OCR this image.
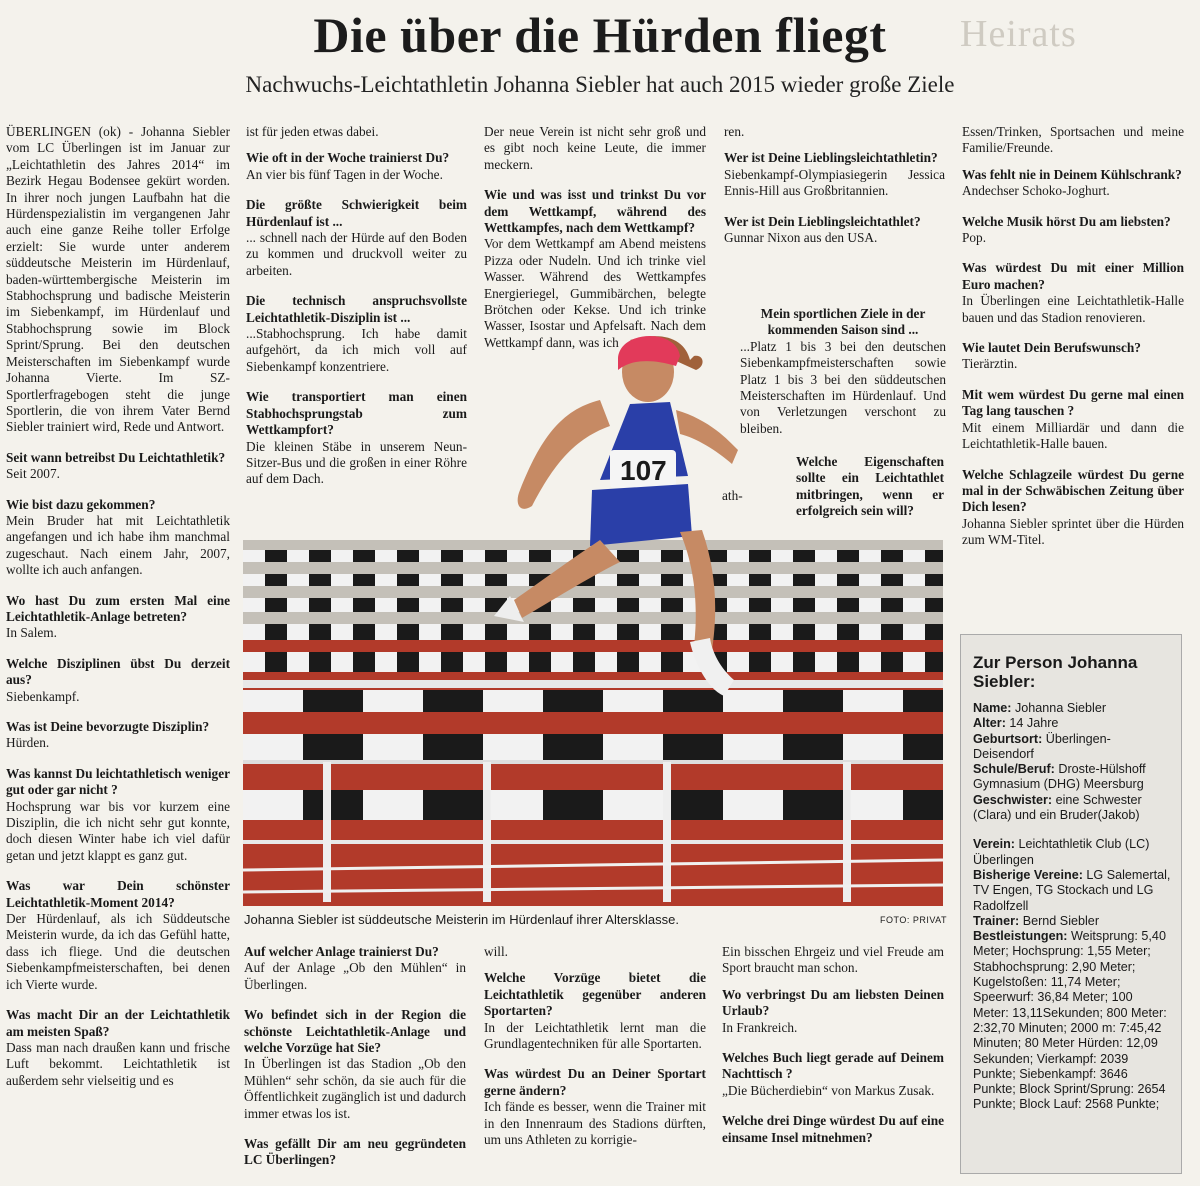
Heirats
Die über die Hürden fliegt
Nachwuchs-Leichtathletin Johanna Siebler hat auch 2015 wieder große Ziele

ÜBERLINGEN (ok) - Johanna Siebler vom LC Überlingen ist im Januar zur „Leichtathletin des Jahres 2014“ im Bezirk Hegau Bodensee gekürt worden. In ihrer noch jungen Laufbahn hat die Hürdenspezialistin im vergangenen Jahr auch eine ganze Reihe toller Erfolge erzielt: Sie wurde unter anderem süddeutsche Meisterin im Hürdenlauf, baden-württembergische Meisterin im Stabhochsprung und badische Meisterin im Siebenkampf, im Hürdenlauf und Stabhochsprung sowie im Block Sprint/Sprung. Bei den deutschen Meisterschaften im Siebenkampf wurde Johanna Vierte. Im SZ-Sportlerfragebogen steht die junge Sportlerin, die von ihrem Vater Bernd Siebler trainiert wird, Rede und Antwort.

Seit wann betreibst Du Leichtathletik?
Seit 2007.
Wie bist dazu gekommen?
Mein Bruder hat mit Leichtathletik angefangen und ich habe ihm manchmal zugeschaut. Nach einem Jahr, 2007, wollte ich auch anfangen.
Wo hast Du zum ersten Mal eine Leichtathletik-Anlage betreten?
In Salem.
Welche Disziplinen übst Du derzeit aus?
Siebenkampf.
Was ist Deine bevorzugte Disziplin?
Hürden.
Was kannst Du leichtathletisch weniger gut oder gar nicht ?
Hochsprung war bis vor kurzem eine Disziplin, die ich nicht sehr gut konnte, doch diesen Winter habe ich viel dafür getan und jetzt klappt es ganz gut.
Was war Dein schönster Leichtathletik-Moment 2014?
Der Hürdenlauf, als ich Süddeutsche Meisterin wurde, da ich das Gefühl hatte, dass ich fliege. Und die deutschen Siebenkampfmeisterschaften, bei denen ich Vierte wurde.
Was macht Dir an der Leichtathletik am meisten Spaß?
Dass man nach draußen kann und frische Luft bekommt. Leichtathletik ist außerdem sehr vielseitig und es

ist für jeden etwas dabei.

Wie oft in der Woche trainierst Du?
An vier bis fünf Tagen in der Woche.
Die größte Schwierigkeit beim Hürdenlauf ist ...
... schnell nach der Hürde auf den Boden zu kommen und druckvoll weiter zu arbeiten.
Die technisch anspruchsvollste Leichtathletik-Disziplin ist ...
...Stabhochsprung. Ich habe damit aufgehört, da ich mich voll auf Siebenkampf konzentriere.
Wie transportiert man einen Stabhochsprungstab zum Wettkampfort?
Die kleinen Stäbe in unserem Neun-Sitzer-Bus und die großen in einer Röhre auf dem Dach.

Der neue Verein ist nicht sehr groß und es gibt noch keine Leute, die immer meckern.

Wie und was isst und trinkst Du vor dem Wettkampf, während des Wettkampfes, nach dem Wettkampf?
Vor dem Wettkampf am Abend meistens Pizza oder Nudeln. Und ich trinke viel Wasser. Während des Wettkampfes Energieriegel, Gummibärchen, belegte Brötchen oder Kekse. Und ich trinke Wasser, Isostar und Apfelsaft. Nach dem Wettkampf dann, was ich

ren.

Wer ist Deine Lieblingsleichtathletin?
Siebenkampf-Olympiasiegerin Jessica Ennis-Hill aus Großbritannien.
Wer ist Dein Lieblingsleichtathlet?
Gunnar Nixon aus den USA.
Mein sportlichen Ziele in der kommenden Saison sind ...
...Platz 1 bis 3 bei den deutschen Siebenkampfmeisterschaften sowie Platz 1 bis 3 bei den süddeutschen Meisterschaften im Hürdenlauf. Und von Verletzungen verschont zu bleiben.
Welche Eigenschaften sollte ein Leichtathlet mitbringen, wenn er erfolgreich sein will?
ath-

Essen/Trinken, Sportsachen und meine Familie/Freunde.

Was fehlt nie in Deinem Kühlschrank?
Andechser Schoko-Joghurt.
Welche Musik hörst Du am liebsten?
Pop.
Was würdest Du mit einer Million Euro machen?
In Überlingen eine Leichtathletik-Halle bauen und das Stadion renovieren.
Wie lautet Dein Berufswunsch?
Tierärztin.
Mit wem würdest Du gerne mal einen Tag lang tauschen ?
Mit einem Milliardär und dann die Leichtathletik-Halle bauen.
Welche Schlagzeile würdest Du gerne mal in der Schwäbischen Zeitung über Dich lesen?
Johanna Siebler sprintet über die Hürden zum WM-Titel.
107
Johanna Siebler ist süddeutsche Meisterin im Hürdenlauf ihrer Altersklasse.	FOTO: PRIVAT
Auf welcher Anlage trainierst Du?
Auf der Anlage „Ob den Mühlen“ in Überlingen.
Wo befindet sich in der Region die schönste Leichtathletik-Anlage und welche Vorzüge hat Sie?
In Überlingen ist das Stadion „Ob den Mühlen“ sehr schön, da sie auch für die Öffentlichkeit zugänglich ist und dadurch immer etwas los ist.
Was gefällt Dir am neu gegründeten LC Überlingen?

will.

Welche Vorzüge bietet die Leichtathletik gegenüber anderen Sportarten?
In der Leichtathletik lernt man die Grundlagentechniken für alle Sportarten.
Was würdest Du an Deiner Sportart gerne ändern?
Ich fände es besser, wenn die Trainer mit in den Innenraum des Stadions dürften, um uns Athleten zu korrigie-

Ein bisschen Ehrgeiz und viel Freude am Sport braucht man schon.

Wo verbringst Du am liebsten Deinen Urlaub?
In Frankreich.
Welches Buch liegt gerade auf Deinem Nachttisch ?
„Die Bücherdiebin“ von Markus Zusak.
Welche drei Dinge würdest Du auf eine einsame Insel mitnehmen?
Zur Person Johanna Siebler:

Name: Johanna Siebler

Alter: 14 Jahre

Geburtsort: Überlingen-Deisendorf

Schule/Beruf: Droste-Hülshoff Gymnasium (DHG) Meersburg

Geschwister: eine Schwester (Clara) und ein Bruder(Jakob)

Verein: Leichtathletik Club (LC) Überlingen

Bisherige Vereine: LG Salemertal, TV Engen, TG Stockach und LG Radolfzell

Trainer: Bernd Siebler

Bestleistungen: Weitsprung: 5,40 Meter; Hochsprung: 1,55 Meter; Stabhochsprung: 2,90 Meter; Kugelstoßen: 11,74 Meter; Speerwurf: 36,84 Meter; 100 Meter: 13,11Sekunden; 800 Meter: 2:32,70 Minuten; 2000 m: 7:45,42 Minuten; 80 Meter Hürden: 12,09 Sekunden; Vierkampf: 2039 Punkte; Siebenkampf: 3646 Punkte; Block Sprint/Sprung: 2654 Punkte; Block Lauf: 2568 Punkte;
